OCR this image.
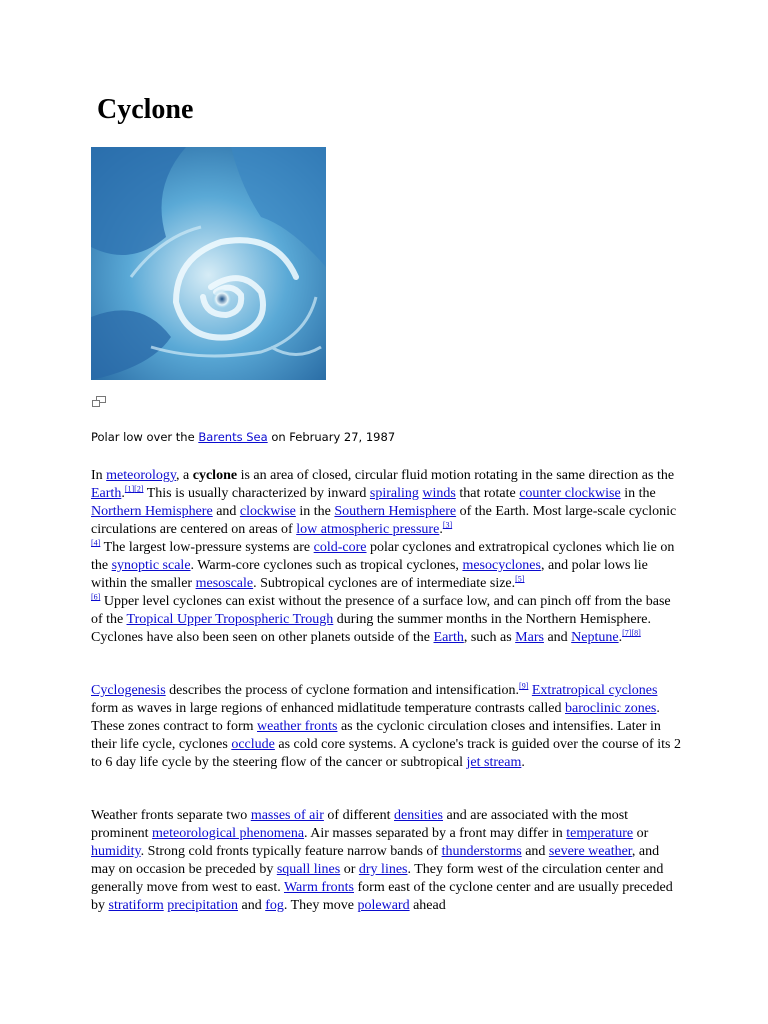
Cyclone

Polar low over the Barents Sea on February 27, 1987

In meteorology, a cyclone is an area of closed, circular fluid motion rotating in the same direction as the Earth.[1][2] This is usually characterized by inward spiraling winds that rotate counter clockwise in the Northern Hemisphere and clockwise in the Southern Hemisphere of the Earth. Most large-scale cyclonic circulations are centered on areas of low atmospheric pressure.[3]
[4] The largest low-pressure systems are cold-core polar cyclones and extratropical cyclones which lie on the synoptic scale. Warm-core cyclones such as tropical cyclones, mesocyclones, and polar lows lie within the smaller mesoscale. Subtropical cyclones are of intermediate size.[5]
[6] Upper level cyclones can exist without the presence of a surface low, and can pinch off from the base of the Tropical Upper Tropospheric Trough during the summer months in the Northern Hemisphere. Cyclones have also been seen on other planets outside of the Earth, such as Mars and Neptune.[7][8]

Cyclogenesis describes the process of cyclone formation and intensification.[9] Extratropical cyclones form as waves in large regions of enhanced midlatitude temperature contrasts called baroclinic zones. These zones contract to form weather fronts as the cyclonic circulation closes and intensifies. Later in their life cycle, cyclones occlude as cold core systems. A cyclone's track is guided over the course of its 2 to 6 day life cycle by the steering flow of the cancer or subtropical jet stream.

Weather fronts separate two masses of air of different densities and are associated with the most prominent meteorological phenomena. Air masses separated by a front may differ in temperature or humidity. Strong cold fronts typically feature narrow bands of thunderstorms and severe weather, and may on occasion be preceded by squall lines or dry lines. They form west of the circulation center and generally move from west to east. Warm fronts form east of the cyclone center and are usually preceded by stratiform precipitation and fog. They move poleward ahead
